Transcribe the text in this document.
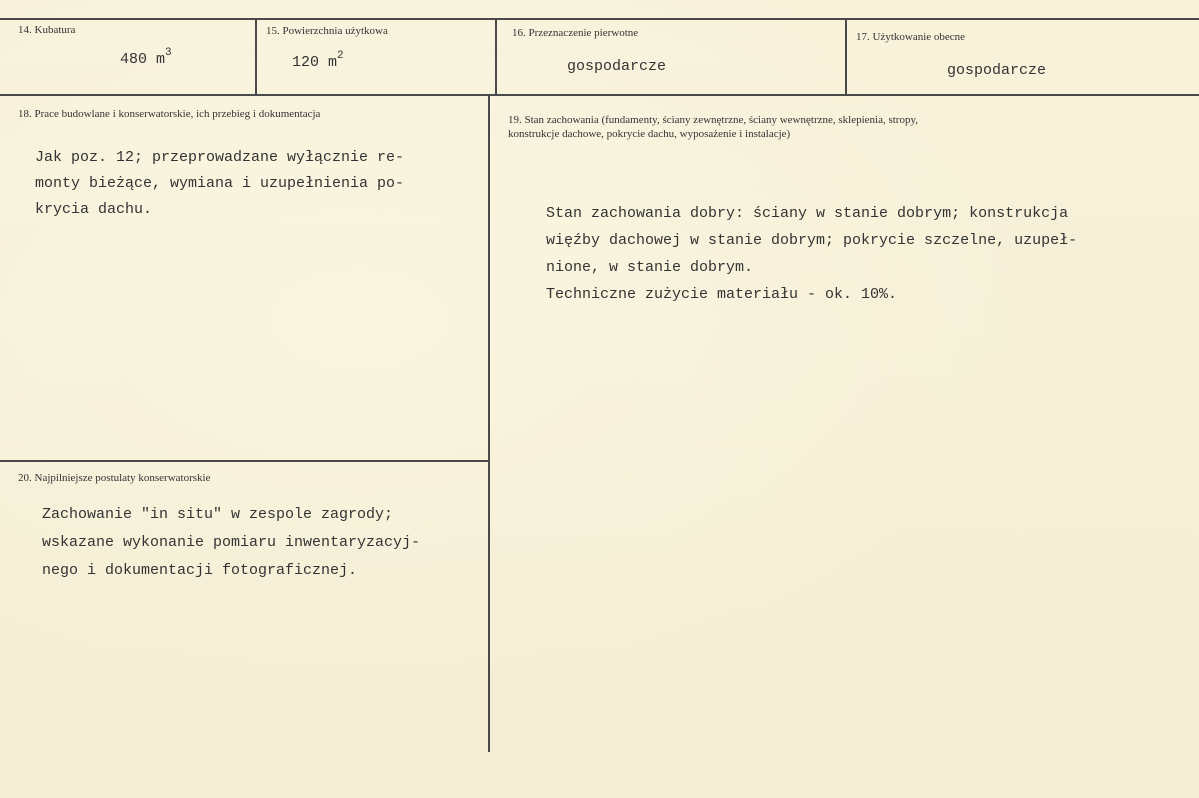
14. Kubatura
480 $m^3$
15. Powierzchnia użytkowa
120 $m^2$
16. Przeznaczenie pierwotne
gospodarcze
17. Użytkowanie obecne
gospodarcze
18. Prace budowlane i konserwatorskie, ich przebieg i dokumentacja
Jak poz. 12; przeprowadzane wyłącznie re-
monty bieżące, wymiana i uzupełnienia po-
krycia dachu.
19. Stan zachowania (fundamenty, ściany zewnętrzne, ściany wewnętrzne, sklepienia, stropy,
konstrukcje dachowe, pokrycie dachu, wyposażenie i instalacje)
Stan zachowania dobry: ściany w stanie dobrym; konstrukcja
więźby dachowej w stanie dobrym; pokrycie szczelne, uzupeł-
nione, w stanie dobrym.
Techniczne zużycie materiału - ok. 10%.
20. Najpilniejsze postulaty konserwatorskie
Zachowanie "in situ" w zespole zagrody;
wskazane wykonanie pomiaru inwentaryzacyj-
nego i dokumentacji fotograficznej.
